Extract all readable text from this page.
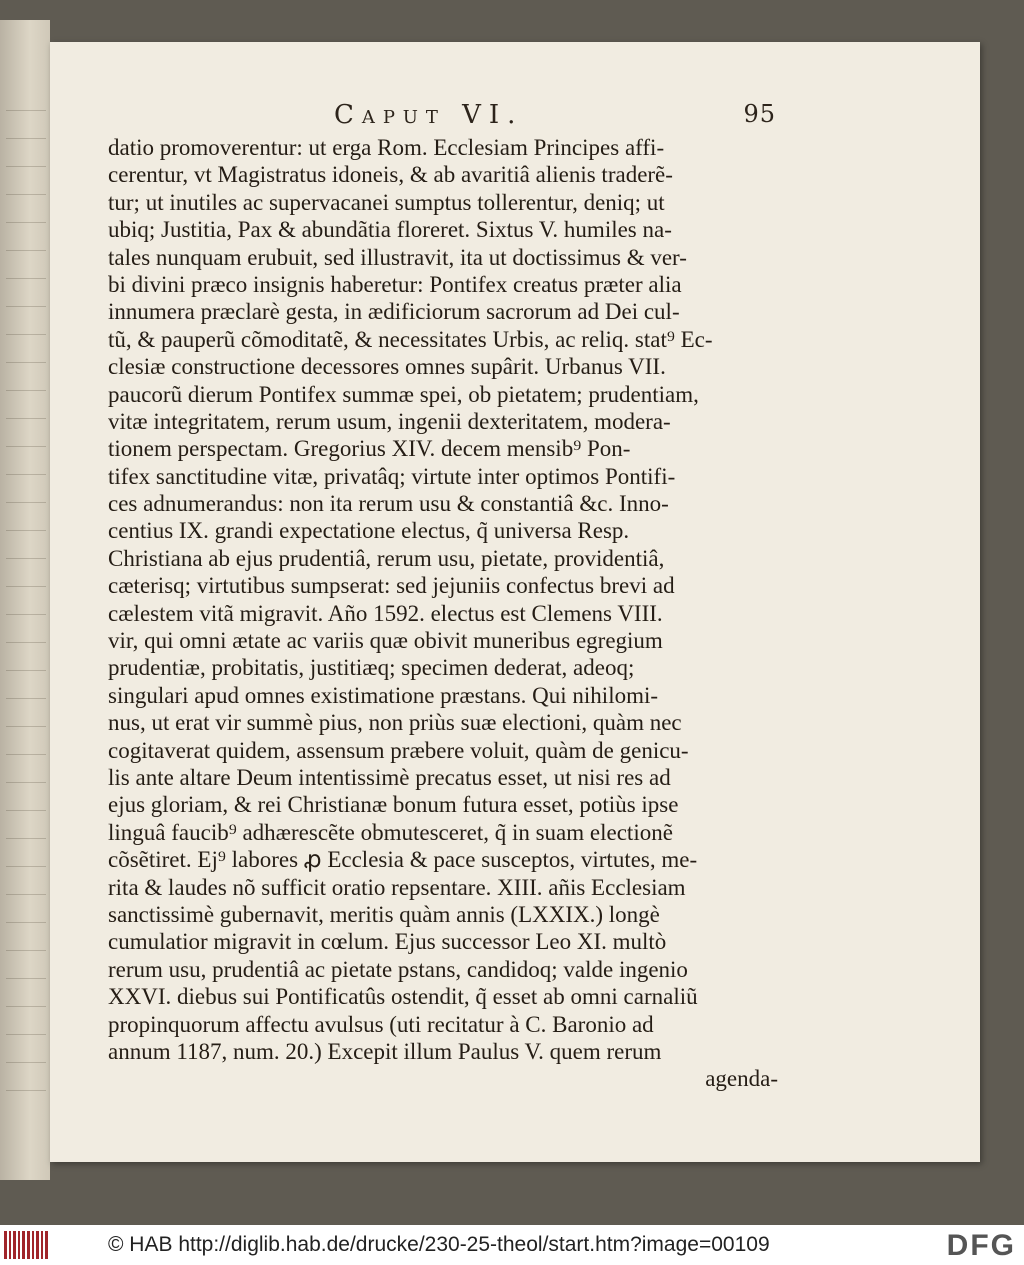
Caput VI.	95
datio promoverentur: ut erga Rom. Ecclesiam Principes affi-
cerentur, vt Magistratus idoneis, & ab avaritiâ alienis traderẽ-
tur; ut inutiles ac supervacanei sumptus tollerentur, deniq; ut
ubiq; Justitia, Pax & abundãtia floreret. Sixtus V. humiles na-
tales nunquam erubuit, sed illustravit, ita ut doctissimus & ver-
bi divini præco insignis haberetur: Pontifex creatus præter alia
innumera præclarè gesta, in ædificiorum sacrorum ad Dei cul-
tũ, & pauperũ cõmoditatẽ, & necessitates Urbis, ac reliq. stat⁹ Ec-
clesiæ constructione decessores omnes supârit. Urbanus VII.
paucorũ dierum Pontifex summæ spei, ob pietatem; prudentiam,
vitæ integritatem, rerum usum, ingenii dexteritatem, modera-
tionem perspectam. Gregorius XIV. decem mensib⁹ Pon-
tifex sanctitudine vitæ, privatâq; virtute inter optimos Pontifi-
ces adnumerandus: non ita rerum usu & constantiâ &c. Inno-
centius IX. grandi expectatione electus, q̃ universa Resp.
Christiana ab ejus prudentiâ, rerum usu, pietate, providentiâ,
cæterisq; virtutibus sumpserat: sed jejuniis confectus brevi ad
cælestem vitã migravit. Año 1592. electus est Clemens VIII.
vir, qui omni ætate ac variis quæ obivit muneribus egregium
prudentiæ, probitatis, justitiæq; specimen dederat, adeoq;
singulari apud omnes existimatione præstans. Qui nihilomi-
nus, ut erat vir summè pius, non priùs suæ electioni, quàm nec
cogitaverat quidem, assensum præbere voluit, quàm de genicu-
lis ante altare Deum intentissimè precatus esset, ut nisi res ad
ejus gloriam, & rei Christianæ bonum futura esset, potiùs ipse
linguâ faucib⁹ adhærescẽte obmutesceret, q̃ in suam electionẽ
cõsẽtiret. Ej⁹ labores ꝓ Ecclesia & pace susceptos, virtutes, me-
rita & laudes nõ sufficit oratio repsentare. XIII. añis Ecclesiam
sanctissimè gubernavit, meritis quàm annis (LXXIX.) longè
cumulatior migravit in cœlum. Ejus successor Leo XI. multò
rerum usu, prudentiâ ac pietate pstans, candidoq; valde ingenio
XXVI. diebus sui Pontificatûs ostendit, q̃ esset ab omni carnaliũ
propinquorum affectu avulsus (uti recitatur à C. Baronio ad
annum 1187, num. 20.) Excepit illum Paulus V. quem rerum
agenda-
© HAB http://diglib.hab.de/drucke/230-25-theol/start.htm?image=00109	DFG
